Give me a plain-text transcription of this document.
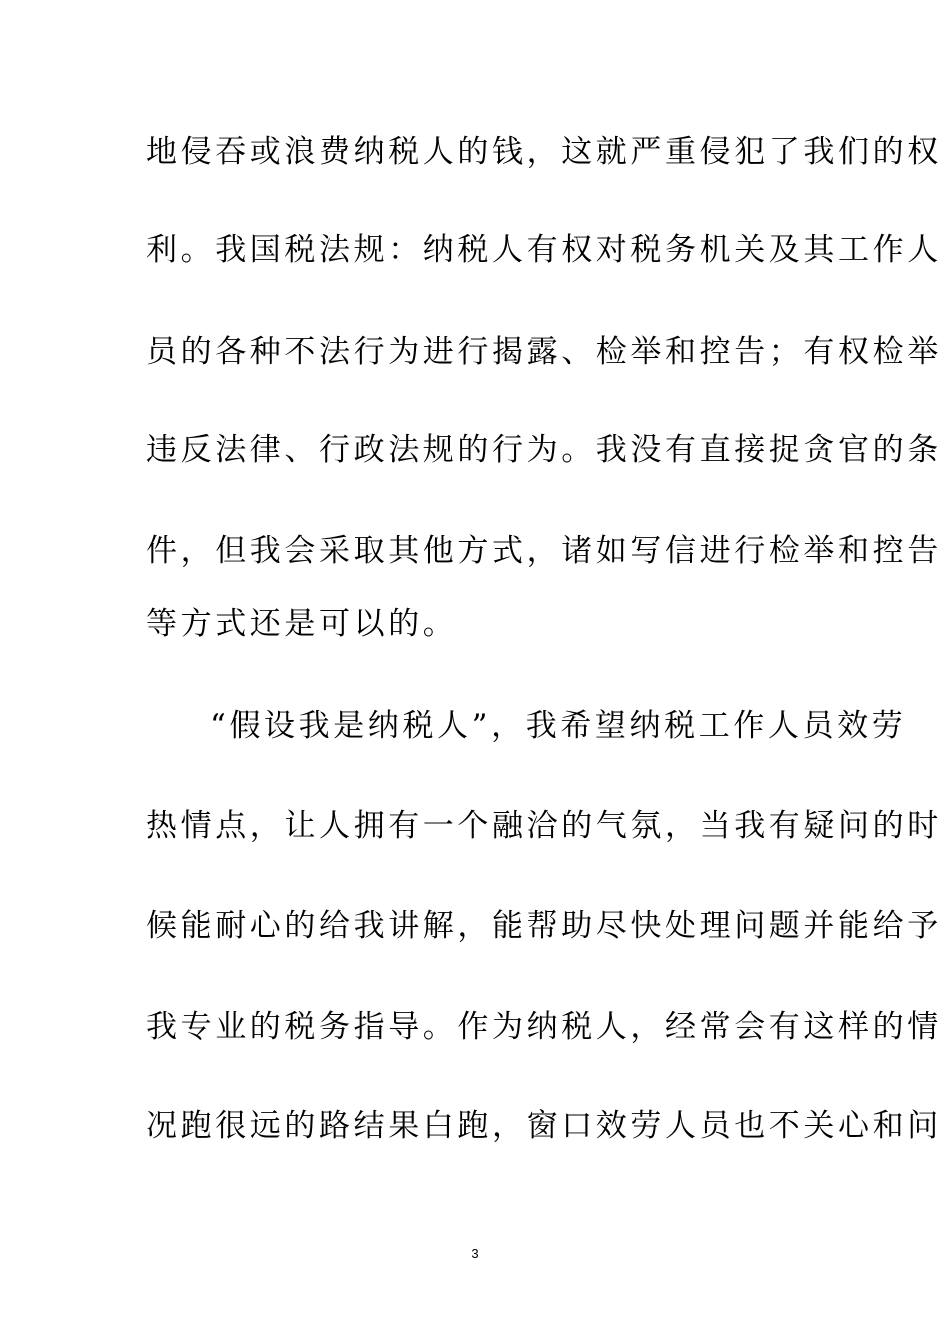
地侵吞或浪费纳税人的钱，这就严重侵犯了我们的权
利。我国税法规：纳税人有权对税务机关及其工作人
员的各种不法行为进行揭露、检举和控告；有权检举
违反法律、行政法规的行为。我没有直接捉贪官的条
件，但我会采取其他方式，诸如写信进行检举和控告
等方式还是可以的。
“假设我是纳税人”，我希望纳税工作人员效劳
热情点，让人拥有一个融洽的气氛，当我有疑问的时
候能耐心的给我讲解，能帮助尽快处理问题并能给予
我专业的税务指导。作为纳税人，经常会有这样的情
况跑很远的路结果白跑，窗口效劳人员也不关心和问
3
